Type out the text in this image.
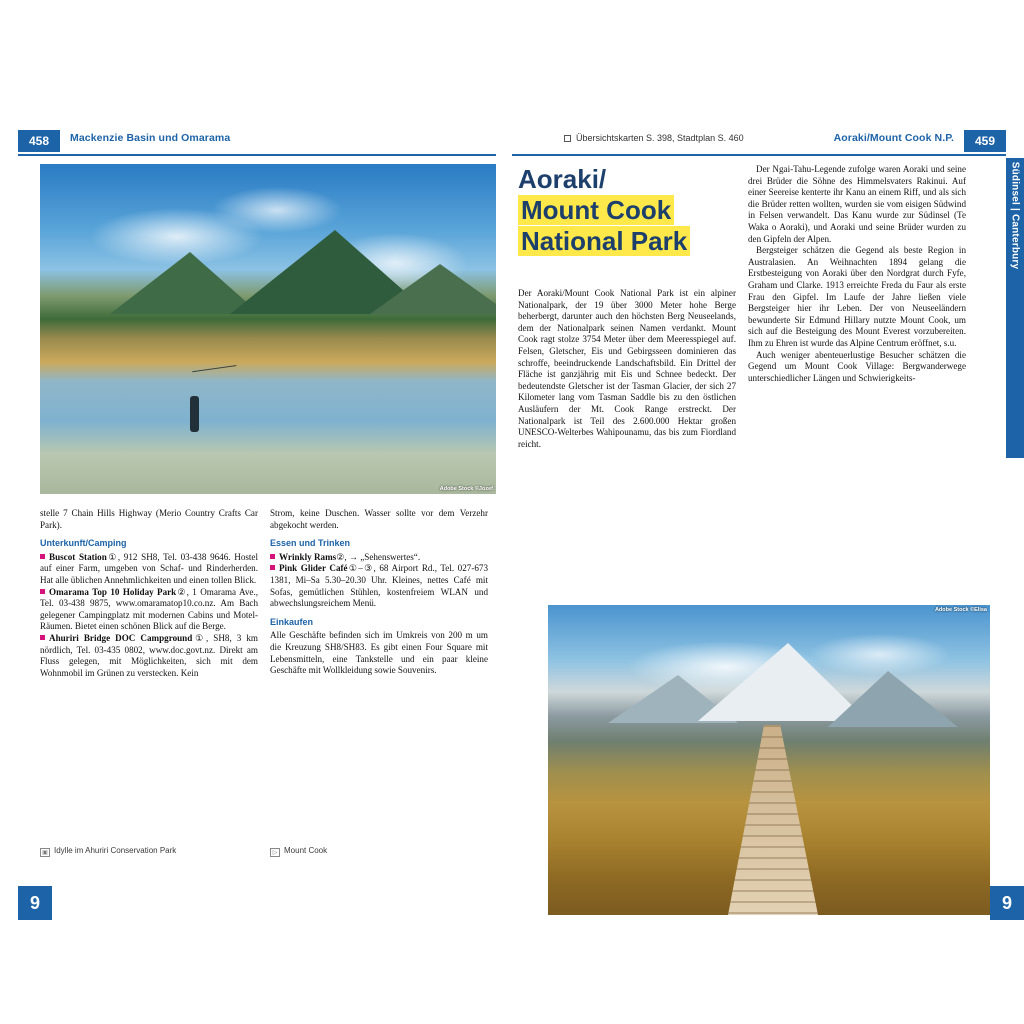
458	Mackenzie Basin und Omarama
Adobe Stock ©Jozef

stelle 7 Chain Hills Highway (Merio Country Crafts Car Park).

Unterkunft/Camping

Buscot Station①, 912 SH8, Tel. 03-438 9646. Hostel auf einer Farm, umgeben von Schaf- und Rinderherden. Hat alle üblichen Annehmlichkeiten und einen tollen Blick.

Omarama Top 10 Holiday Park②, 1 Omarama Ave., Tel. 03-438 9875, www.omaramatop10.co.nz. Am Bach gelegener Campingplatz mit modernen Cabins und Motel-Räumen. Bietet einen schönen Blick auf die Berge.

Ahuriri Bridge DOC Campground①, SH8, 3 km nördlich, Tel. 03-435 0802, www.doc.govt.nz. Direkt am Fluss gelegen, mit Möglichkeiten, sich mit dem Wohnmobil im Grünen zu verstecken. Kein

Strom, keine Duschen. Wasser sollte vor dem Verzehr abgekocht werden.

Essen und Trinken

Wrinkly Rams②, → „Sehenswertes“.

Pink Glider Café①–③, 68 Airport Rd., Tel. 027-673 1381, Mi–Sa 5.30–20.30 Uhr. Kleines, nettes Café mit Sofas, gemütlichen Stühlen, kostenfreiem WLAN und abwechslungsreichem Menü.

Einkaufen

Alle Geschäfte befinden sich im Umkreis von 200 m um die Kreuzung SH8/SH83. Es gibt einen Four Square mit Lebensmitteln, eine Tankstelle und ein paar kleine Geschäfte mit Wollkleidung sowie Souvenirs.

▣ Idylle im Ahuriri Conservation Park	▷ Mount Cook
9
459
Aoraki/Mount Cook N.P.
Übersichtskarten S. 398, Stadtplan S. 460
Südinsel | Canterbury
Aoraki/
Mount Cook
National Park

Der Aoraki/Mount Cook National Park ist ein alpiner Nationalpark, der 19 über 3000 Meter hohe Berge beherbergt, darunter auch den höchsten Berg Neuseelands, dem der Nationalpark seinen Namen verdankt. Mount Cook ragt stolze 3754 Meter über dem Meeresspiegel auf. Felsen, Gletscher, Eis und Gebirgsseen dominieren das schroffe, beeindruckende Landschaftsbild. Ein Drittel der Fläche ist ganzjährig mit Eis und Schnee bedeckt. Der bedeutendste Gletscher ist der Tasman Glacier, der sich 27 Kilometer lang vom Tasman Saddle bis zu den östlichen Ausläufern der Mt. Cook Range erstreckt. Der Nationalpark ist Teil des 2.600.000 Hektar großen UNESCO-Welterbes Wahipounamu, das bis zum Fiordland reicht.

Der Ngai-Tahu-Legende zufolge waren Aoraki und seine drei Brüder die Söhne des Himmelsvaters Rakinui. Auf einer Seereise kenterte ihr Kanu an einem Riff, und als sich die Brüder retten wollten, wurden sie vom eisigen Südwind in Felsen verwandelt. Das Kanu wurde zur Südinsel (Te Waka o Aoraki), und Aoraki und seine Brüder wurden zu den Gipfeln der Alpen.

Bergsteiger schätzen die Gegend als beste Region in Australasien. An Weihnachten 1894 gelang die Erstbesteigung von Aoraki über den Nordgrat durch Fyfe, Graham und Clarke. 1913 erreichte Freda du Faur als erste Frau den Gipfel. Im Laufe der Jahre ließen viele Bergsteiger hier ihr Leben. Der von Neuseeländern bewunderte Sir Edmund Hillary nutzte Mount Cook, um sich auf die Besteigung des Mount Everest vorzubereiten. Ihm zu Ehren ist wurde das Alpine Centrum eröffnet, s.u.

Auch weniger abenteuerlustige Besucher schätzen die Gegend um Mount Cook Village: Bergwanderwege unterschiedlicher Längen und Schwierigkeits-

Adobe Stock ©Elisa
9
